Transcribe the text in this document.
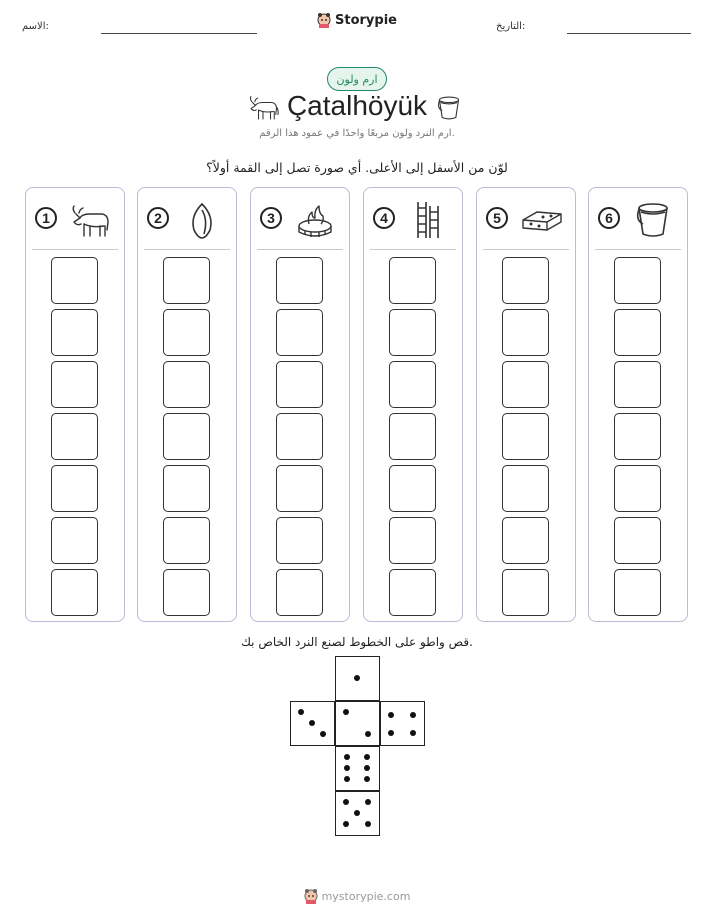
الاسم:	Storypie	التاريخ:
ارم ولون
Çatalhöyük
ارم النرد ولون مربعًا واحدًا في عمود هذا الرقم.
لوّن من الأسفل إلى الأعلى. أي صورة تصل إلى القمة أولاً؟
1	2	3	4	5	6
قص واطو على الخطوط لصنع النرد الخاص بك.
mystorypie.com
